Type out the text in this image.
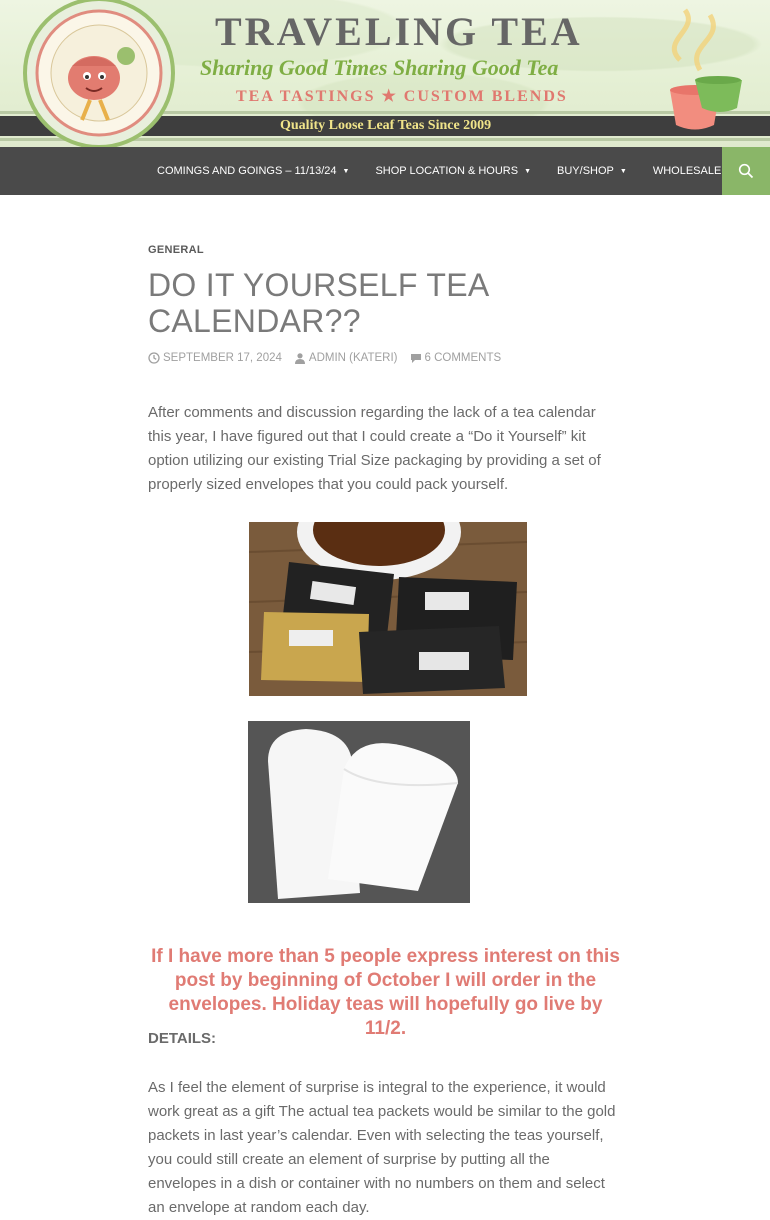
TRAVELING TEA
Sharing Good Times Sharing Good Tea
TEA TASTINGS ★ CUSTOM BLENDS
Quality Loose Leaf Teas Since 2009
COMINGS AND GOINGS – 11/13/24 ▼ SHOP LOCATION & HOURS ▼ BUY/SHOP ▼ WHOLESALE
GENERAL
DO IT YOURSELF TEA CALENDAR??
SEPTEMBER 17, 2024 ADMIN (KATERI) 6 COMMENTS

After comments and discussion regarding the lack of a tea calendar this year, I have figured out that I could create a “Do it Yourself” kit option utilizing our existing Trial Size packaging by providing a set of properly sized envelopes that you could pack yourself.

If I have more than 5 people express interest on this post by beginning of October I will order in the envelopes. Holiday teas will hopefully go live by 11/2.

DETAILS:

As I feel the element of surprise is integral to the experience, it would work great as a gift The actual tea packets would be similar to the gold packets in last year’s calendar. Even with selecting the teas yourself, you could still create an element of surprise by putting all the envelopes in a dish or container with no numbers on them and select an envelope at random each day.
